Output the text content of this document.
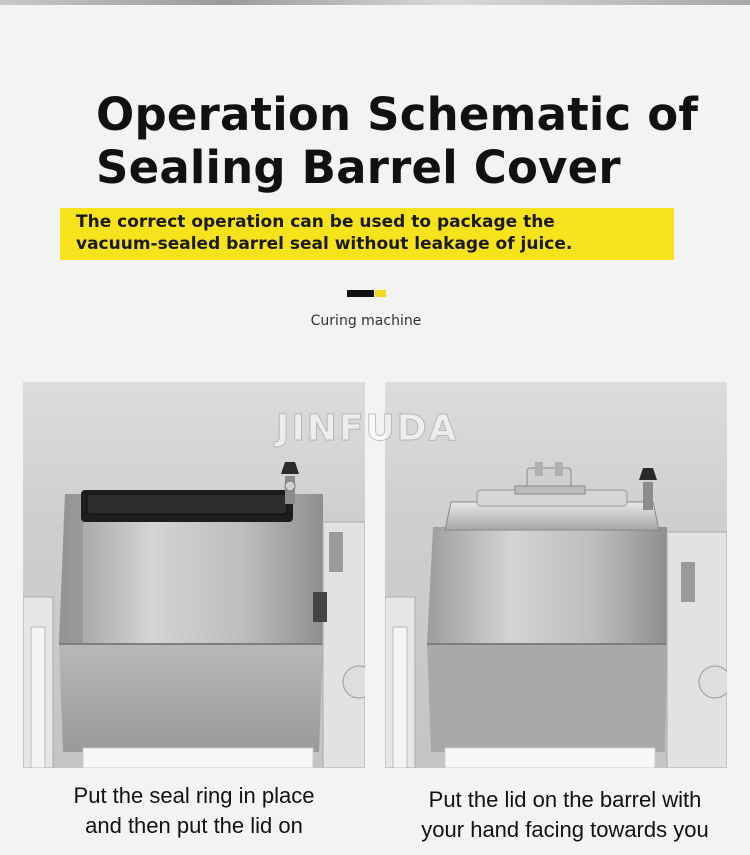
Operation Schematic of
Sealing Barrel Cover
The correct operation can be used to package the
vacuum-sealed barrel seal without leakage of juice.
Curing machine
JINFUDA
Put the seal ring in place
and then put the lid on
Put the lid on the barrel with
your hand facing towards you
